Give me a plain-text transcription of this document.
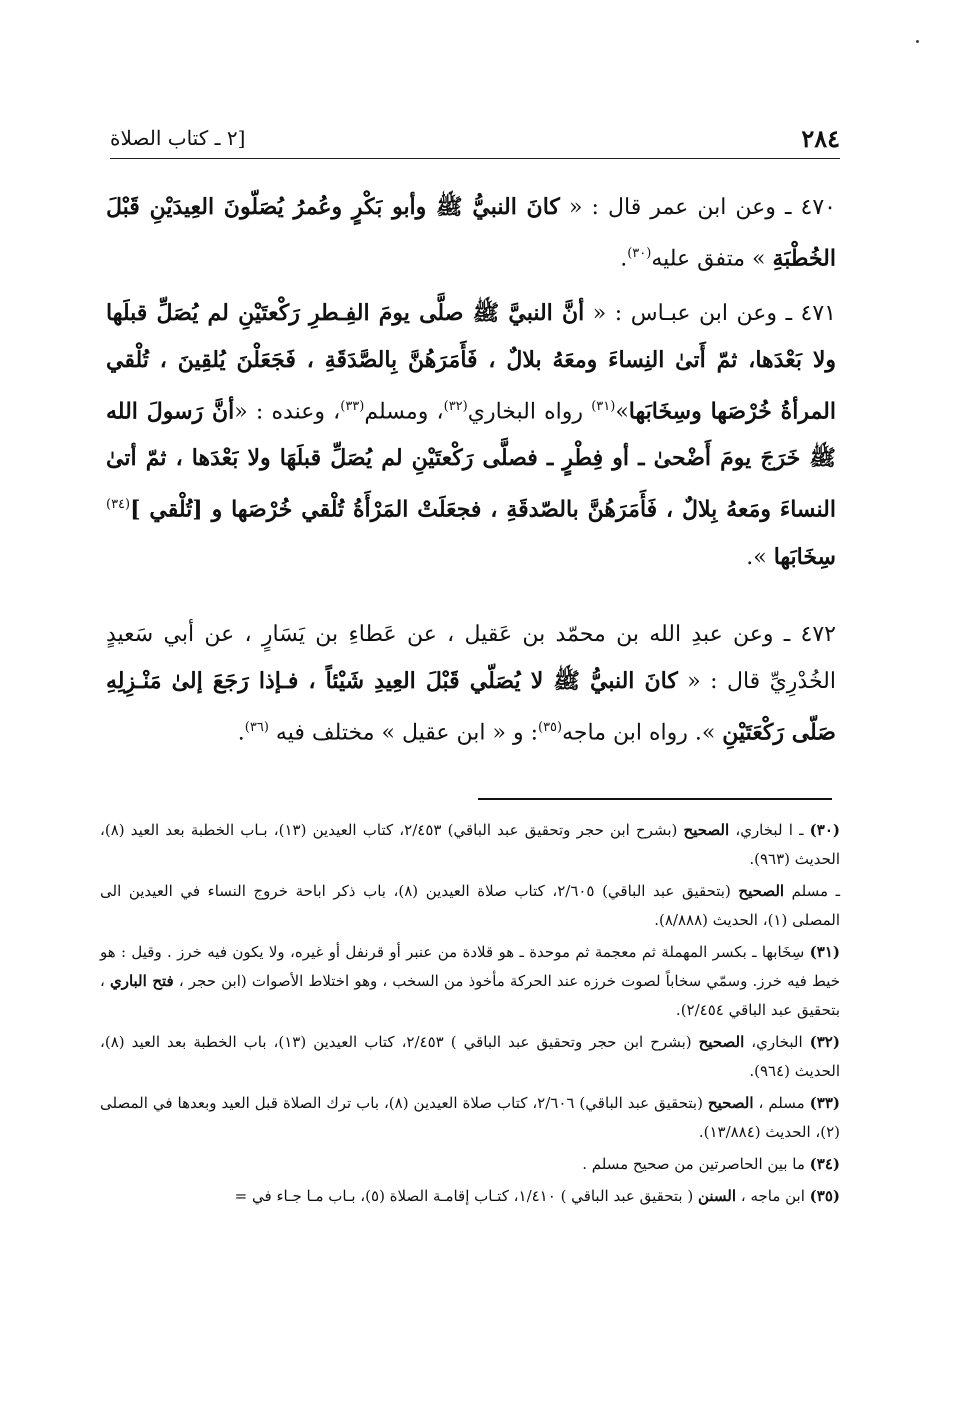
٢٨٤
[٢ ـ كتاب الصلاة

٤٧٠ ـ وعن ابن عمر قال : « كانَ النبيُّ ﷺ وأبو بَكْرٍ وعُمرُ يُصَلّونَ العِيدَيْنِ قَبْلَ الخُطْبَةِ » متفق عليه$^{(٣٠)}$.

٤٧١ ـ وعن ابن عبـاس : « أنَّ النبيَّ ﷺ صلَّى يومَ الفِـطرِ رَكْعتَيْنِ لم يُصَلِّ قبلَها ولا بَعْدَها، ثمّ أَتىٰ النِساءَ ومعَهُ بلالٌ ، فَأَمَرَهُنَّ بِالصَّدَقَةِ ، فَجَعَلْنَ يُلقِينَ ، تُلْقي المرأةُ خُرْصَها وسِخَابَها»$^{(٣١)}$ رواه البخاري$^{(٣٢)}$، ومسلم$^{(٣٣)}$، وعنده : «أنَّ رَسولَ الله ﷺ خَرَجَ يومَ أَضْحىٰ ـ أو فِطْرٍ ـ فصلَّى رَكْعتَيْنِ لم يُصَلِّ قبلَهَا ولا بَعْدَها ، ثمّ أتىٰ النساءَ ومَعهُ بِلالٌ ، فَأَمَرَهُنَّ بالصّدقَةِ ، فجعَلَتْ المَرْأَةُ تُلْقي خُرْصَها و [تُلْقي ]$^{(٣٤)}$ سِخَابَها ».

٤٧٢ ـ وعن عبدِ الله بن محمّد بن عَقيل ، عن عَطاءِ بن يَسَارٍ ، عن أبي سَعيدٍ الخُدْرِيِّ قال : « كانَ النبيُّ ﷺ لا يُصَلّي قَبْلَ العِيدِ شَيْئاً ، فـإذا رَجَعَ إلىٰ مَنْـزِلِهِ صَلّى رَكْعَتَيْنِ ». رواه ابن ماجه$^{(٣٥)}$: و « ابن عقيل » مختلف فيه $^{(٣٦)}$.

(٣٠) ـ ا لبخاري، الصحيح (بشرح ابن حجر وتحقيق عبد الباقي) ٢/٤٥٣، كتاب العيدين (١٣)، بـاب الخطبة بعد العيد (٨)، الحديث (٩٦٣).

ـ مسلم الصحيح (بتحقيق عبد الباقي) ٢/٦٠٥، كتاب صلاة العيدين (٨)، باب ذكر اباحة خروج النساء في العيدين الى المصلى (١)، الحديث (٨/٨٨٨).

(٣١) سِخَابها ـ بكسر المهملة ثم معجمة ثم موحدة ـ هو قلادة من عنبر أو قرنفل أو غيره، ولا يكون فيه خرز . وقيل : هو خيط فيه خرز. وسمّي سخاباً لصوت خرزه عند الحركة مأخوذ من السخب ، وهو اختلاط الأصوات (ابن حجر ، فتح الباري ، بتحقيق عبد الباقي ٢/٤٥٤).

(٣٢) البخاري، الصحيح (بشرح ابن حجر وتحقيق عبد الباقي ) ٢/٤٥٣، كتاب العيدين (١٣)، باب الخطبة بعد العيد (٨)، الحديث (٩٦٤).

(٣٣) مسلم ، الصحيح (بتحقيق عبد الباقي) ٢/٦٠٦، كتاب صلاة العيدين (٨)، باب ترك الصلاة قبل العيد وبعدها في المصلى (٢)، الحديث (١٣/٨٨٤).

(٣٤) ما بين الحاصرتين من صحيح مسلم .

(٣٥) ابن ماجه ، السنن ( بتحقيق عبد الباقي ) ١/٤١٠، كتـاب إقامـة الصلاة (٥)، بـاب مـا جـاء في =
